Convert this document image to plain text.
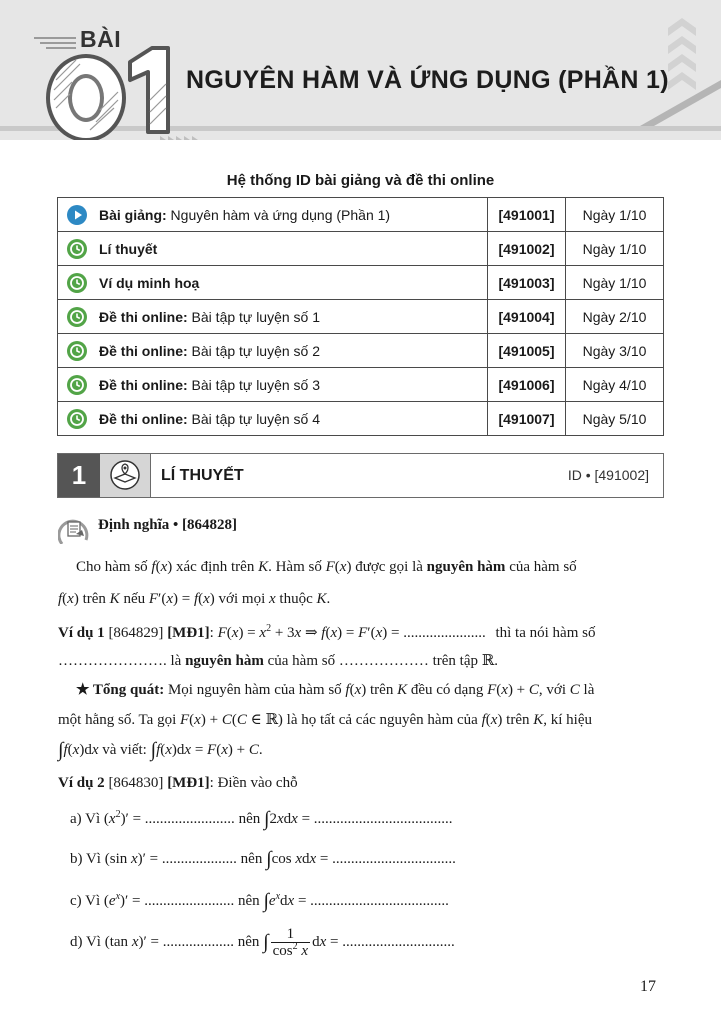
BÀI
NGUYÊN HÀM VÀ ỨNG DỤNG (PHẦN 1)
Hệ thống ID bài giảng và đề thi online
Bài giảng: Nguyên hàm và ứng dụng (Phần 1)	[491001]	Ngày 1/10

Lí thuyết	[491002]	Ngày 1/10

Ví dụ minh hoạ	[491003]	Ngày 1/10

Đề thi online: Bài tập tự luyện số 1	[491004]	Ngày 2/10

Đề thi online: Bài tập tự luyện số 2	[491005]	Ngày 3/10

Đề thi online: Bài tập tự luyện số 3	[491006]	Ngày 4/10

Đề thi online: Bài tập tự luyện số 4	[491007]	Ngày 5/10
1	LÍ THUYẾT	ID • [491002]
Định nghĩa • [864828]
Cho hàm số f(x) xác định trên K. Hàm số F(x) được gọi là nguyên hàm của hàm số
f(x) trên K nếu F′(x) = f(x) với mọi x thuộc K.
Ví dụ 1 [864829] [MĐ1]: $F(x) = x^2 + 3x$ ⇒ f(x) = F′(x) = ...................... thì ta nói hàm số
…………………. là nguyên hàm của hàm số ……………… trên tập ℝ.
★ Tổng quát: Mọi nguyên hàm của hàm số f(x) trên K đều có dạng F(x) + C, với C là
một hằng số. Ta gọi F(x) + C(C ∈ ℝ) là họ tất cả các nguyên hàm của f(x) trên K, kí hiệu
∫f(x)dx và viết: ∫f(x)dx = F(x) + C.
Ví dụ 2 [864830] [MĐ1]: Điền vào chỗ
a) Vì $(x^2)'$ = ........................ nên ∫2xdx = .....................................
b) Vì (sin x)′ = .................... nên ∫cos xdx = .................................
c) Vì $(e^x)'$ = ........................ nên $\int e^xdx$ = .....................................
d) Vì (tan x)′ = ................... nên ∫ $\frac{1}{\cos^2 x}$ dx = ..............................
17
